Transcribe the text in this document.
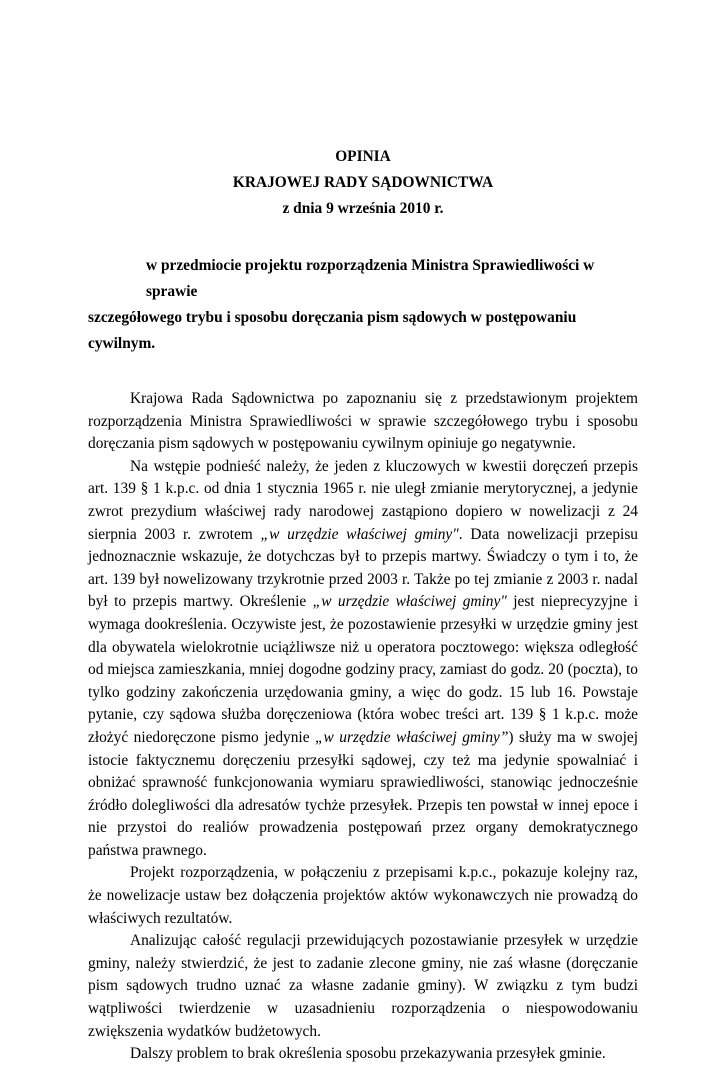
OPINIA
KRAJOWEJ RADY SĄDOWNICTWA
z dnia 9 września 2010 r.
w przedmiocie projektu rozporządzenia Ministra Sprawiedliwości w sprawie
szczegółowego trybu i sposobu doręczania pism sądowych w postępowaniu cywilnym.

Krajowa Rada Sądownictwa po zapoznaniu się z przedstawionym projektem rozporządzenia Ministra Sprawiedliwości w sprawie szczegółowego trybu i sposobu doręczania pism sądowych w postępowaniu cywilnym opiniuje go negatywnie.

Na wstępie podnieść należy, że jeden z kluczowych w kwestii doręczeń przepis art. 139 § 1 k.p.c. od dnia 1 stycznia 1965 r. nie uległ zmianie merytorycznej, a jedynie zwrot prezydium właściwej rady narodowej zastąpiono dopiero w nowelizacji z 24 sierpnia 2003 r. zwrotem „w urzędzie właściwej gminy". Data nowelizacji przepisu jednoznacznie wskazuje, że dotychczas był to przepis martwy. Świadczy o tym i to, że art. 139 był nowelizowany trzykrotnie przed 2003 r. Także po tej zmianie z 2003 r. nadal był to przepis martwy. Określenie „w urzędzie właściwej gminy" jest nieprecyzyjne i wymaga dookreślenia. Oczywiste jest, że pozostawienie przesyłki w urzędzie gminy jest dla obywatela wielokrotnie uciążliwsze niż u operatora pocztowego: większa odległość od miejsca zamieszkania, mniej dogodne godziny pracy, zamiast do godz. 20 (poczta), to tylko godziny zakończenia urzędowania gminy, a więc do godz. 15 lub 16. Powstaje pytanie, czy sądowa służba doręczeniowa (która wobec treści art. 139 § 1 k.p.c. może złożyć niedoręczone pismo jedynie „w urzędzie właściwej gminy”) służy ma w swojej istocie faktycznemu doręczeniu przesyłki sądowej, czy też ma jedynie spowalniać i obniżać sprawność funkcjonowania wymiaru sprawiedliwości, stanowiąc jednocześnie źródło dolegliwości dla adresatów tychże przesyłek. Przepis ten powstał w innej epoce i nie przystoi do realiów prowadzenia postępowań przez organy demokratycznego państwa prawnego.

Projekt rozporządzenia, w połączeniu z przepisami k.p.c., pokazuje kolejny raz, że nowelizacje ustaw bez dołączenia projektów aktów wykonawczych nie prowadzą do właściwych rezultatów.

Analizując całość regulacji przewidujących pozostawianie przesyłek w urzędzie gminy, należy stwierdzić, że jest to zadanie zlecone gminy, nie zaś własne (doręczanie pism sądowych trudno uznać za własne zadanie gminy). W związku z tym budzi wątpliwości twierdzenie w uzasadnieniu rozporządzenia o niespowodowaniu zwiększenia wydatków budżetowych.

Dalszy problem to brak określenia sposobu przekazywania przesyłek gminie.
